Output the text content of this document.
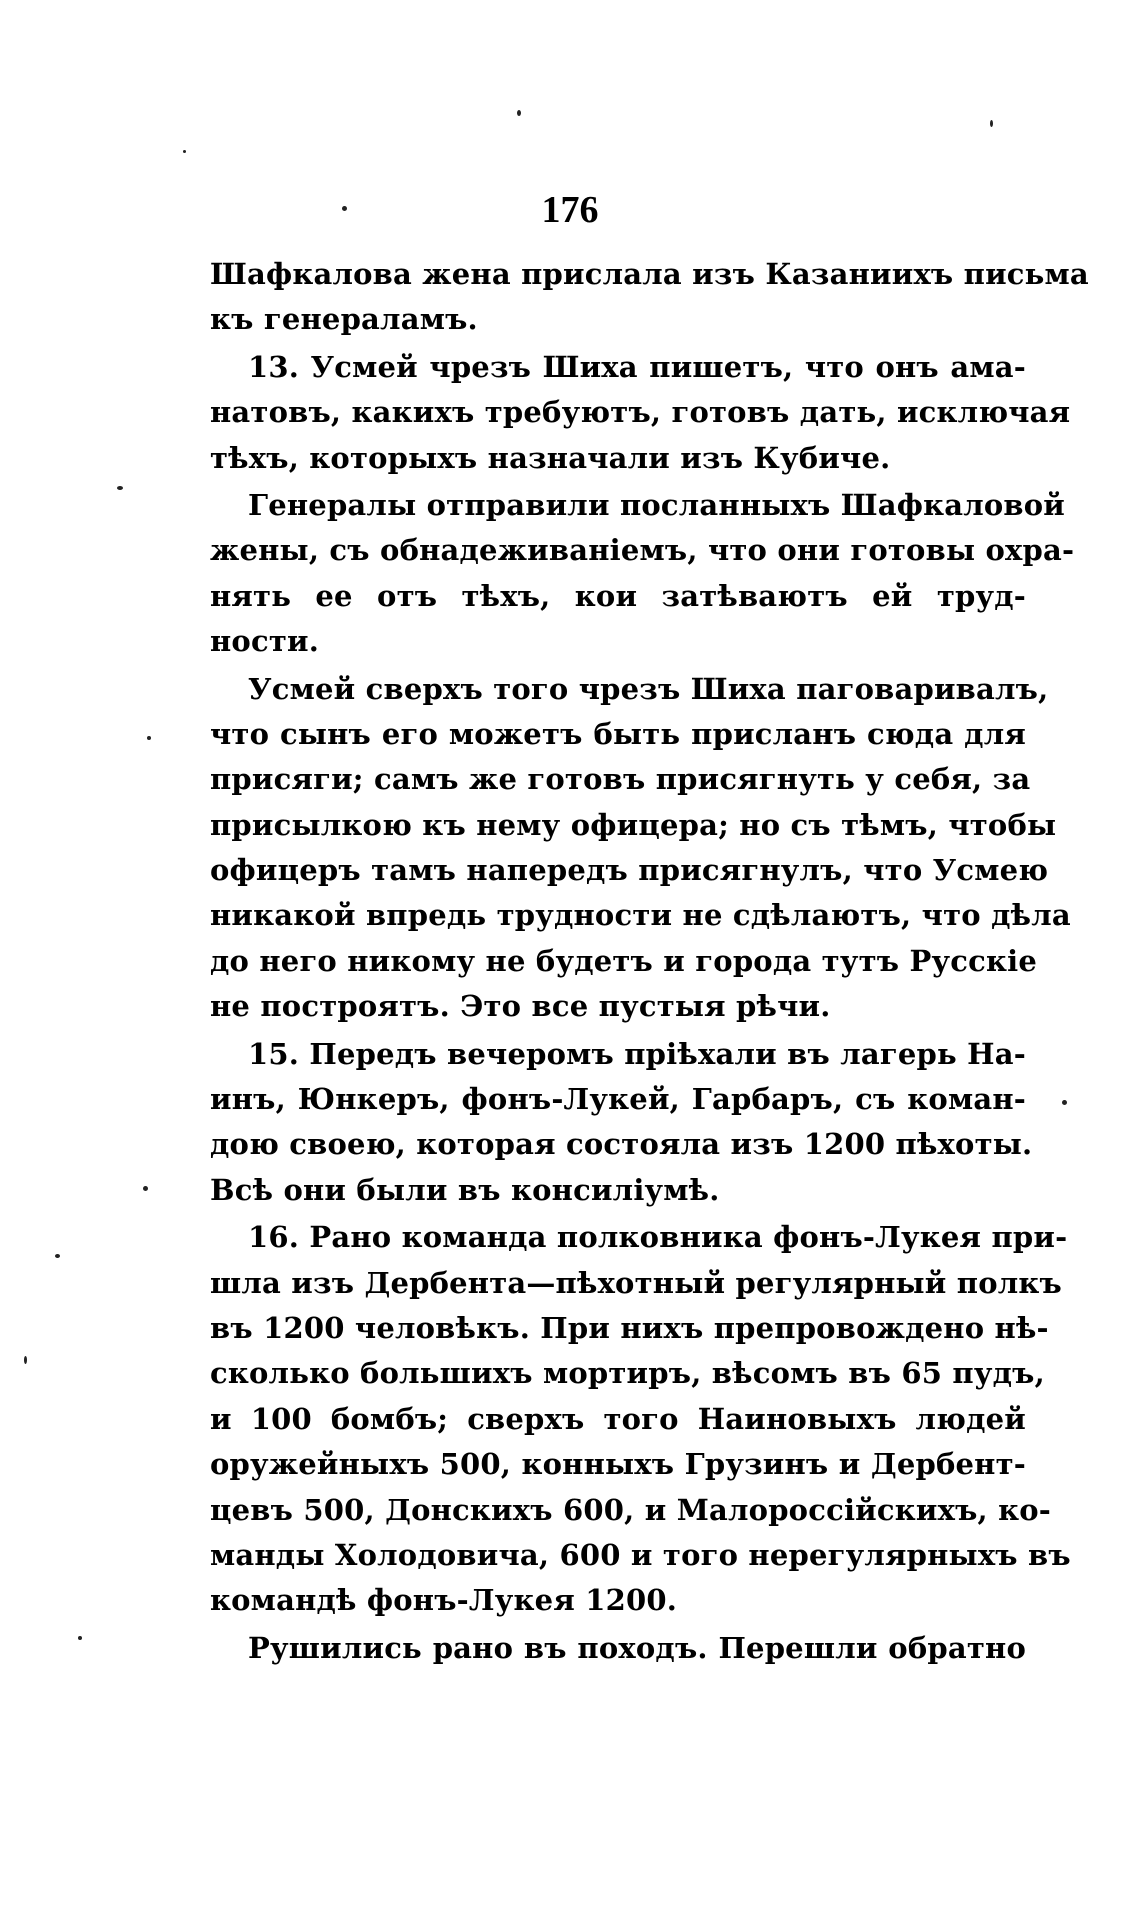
176
Шафкалова жена прислала изъ Казаниихъ письма
къ генераламъ.
13. Усмей чрезъ Шиха пишетъ, что онъ ама-
натовъ, какихъ требуютъ, готовъ дать, исключая
тѣхъ, которыхъ назначали изъ Кубиче.
Генералы отправили посланныхъ Шафкаловой
жены, съ обнадеживаніемъ, что они готовы охра-
нять ее отъ тѣхъ, кои затѣваютъ ей труд-
ности.
Усмей сверхъ того чрезъ Шиха паговаривалъ,
что сынъ его можетъ быть присланъ сюда для
присяги; самъ же готовъ присягнуть у себя, за
присылкою къ нему офицера; но съ тѣмъ, чтобы
офицеръ тамъ напередъ присягнулъ, что Усмею
никакой впредь трудности не сдѣлаютъ, что дѣла
до него никому не будетъ и города тутъ Русскіе
не построятъ. Это все пустыя рѣчи.
15. Передъ вечеромъ пріѣхали въ лагерь На-
инъ, Юнкеръ, фонъ-Лукей, Гарбаръ, съ коман-
дою своею, которая состояла изъ 1200 пѣхоты.
Всѣ они были въ консиліумѣ.
16. Рано команда полковника фонъ-Лукея при-
шла изъ Дербента—пѣхотный регулярный полкъ
въ 1200 человѣкъ. При нихъ препровождено нѣ-
сколько большихъ мортиръ, вѣсомъ въ 65 пудъ,
и 100 бомбъ; сверхъ того Наиновыхъ людей
оружейныхъ 500, конныхъ Грузинъ и Дербент-
цевъ 500, Донскихъ 600, и Малороссійскихъ, ко-
манды Холодовича, 600 и того нерегулярныхъ въ
командѣ фонъ-Лукея 1200.
Рушились рано въ походъ. Перешли обратно
